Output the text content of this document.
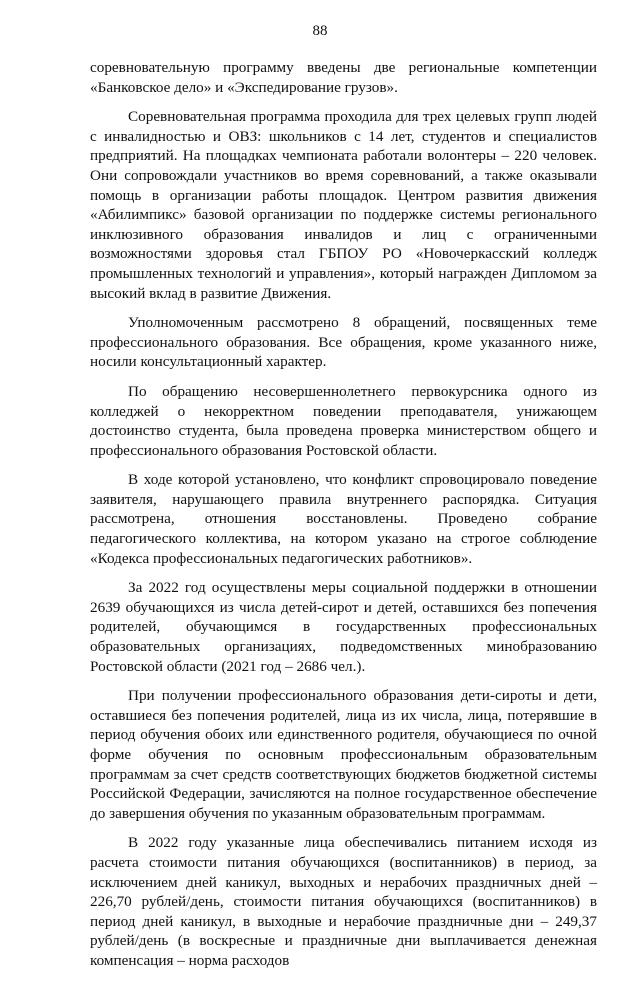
88

соревновательную программу введены две региональные компетенции «Банковское дело» и «Экспедирование грузов».

Соревновательная программа проходила для трех целевых групп людей с инвалидностью и ОВЗ: школьников с 14 лет, студентов и специалистов предприятий. На площадках чемпионата работали волонтеры – 220 человек. Они сопровождали участников во время соревнований, а также оказывали помощь в организации работы площадок. Центром развития движения «Абилимпикс» базовой организации по поддержке системы регионального инклюзивного образования инвалидов и лиц с ограниченными возможностями здоровья стал ГБПОУ РО «Новочеркасский колледж промышленных технологий и управления», который награжден Дипломом за высокий вклад в развитие Движения.

Уполномоченным рассмотрено 8 обращений, посвященных теме профессионального образования. Все обращения, кроме указанного ниже, носили консультационный характер.

По обращению несовершеннолетнего первокурсника одного из колледжей о некорректном поведении преподавателя, унижающем достоинство студента, была проведена проверка министерством общего и профессионального образования Ростовской области.

В ходе которой установлено, что конфликт спровоцировало поведение заявителя, нарушающего правила внутреннего распорядка. Ситуация рассмотрена, отношения восстановлены. Проведено собрание педагогического коллектива, на котором указано на строгое соблюдение «Кодекса профессиональных педагогических работников».

За 2022 год осуществлены меры социальной поддержки в отношении 2639 обучающихся из числа детей-сирот и детей, оставшихся без попечения родителей, обучающимся в государственных профессиональных образовательных организациях, подведомственных минобразованию Ростовской области (2021 год – 2686 чел.).

При получении профессионального образования дети-сироты и дети, оставшиеся без попечения родителей, лица из их числа, лица, потерявшие в период обучения обоих или единственного родителя, обучающиеся по очной форме обучения по основным профессиональным образовательным программам за счет средств соответствующих бюджетов бюджетной системы Российской Федерации, зачисляются на полное государственное обеспечение до завершения обучения по указанным образовательным программам.

В 2022 году указанные лица обеспечивались питанием исходя из расчета стоимости питания обучающихся (воспитанников) в период, за исключением дней каникул, выходных и нерабочих праздничных дней – 226,70 рублей/день, стоимости питания обучающихся (воспитанников) в период дней каникул, в выходные и нерабочие праздничные дни – 249,37 рублей/день (в воскресные и праздничные дни выплачивается денежная компенсация – норма расходов
